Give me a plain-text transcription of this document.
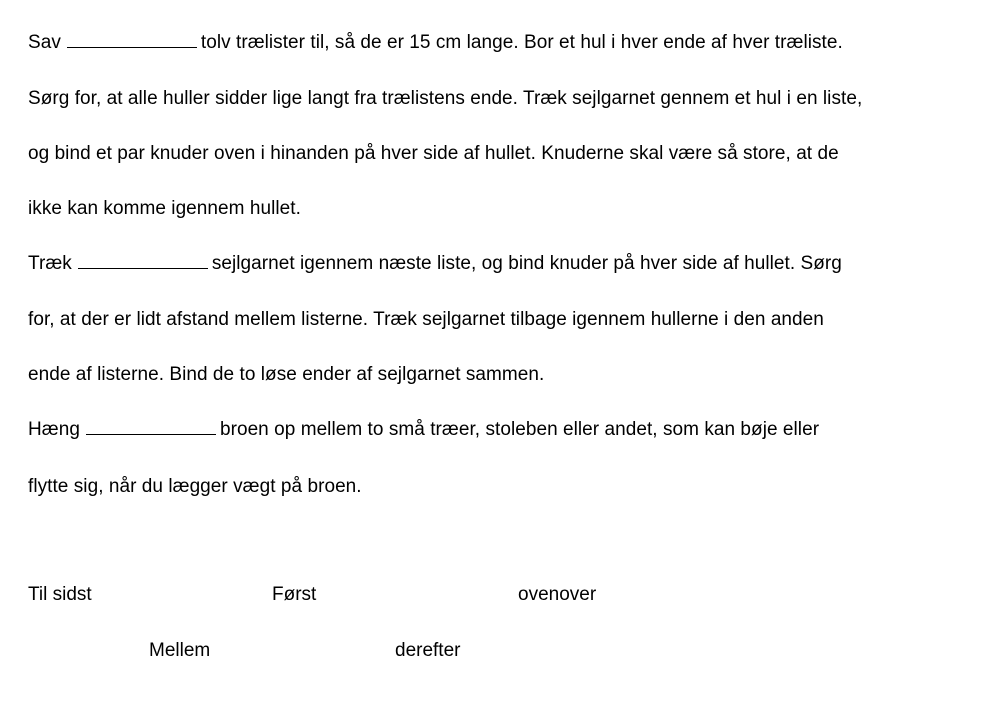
Sav	tolv trælister til, så de er 15 cm lange. Bor et hul i hver ende af hver træliste.
Sørg for, at alle huller sidder lige langt fra trælistens ende. Træk sejlgarnet gennem et hul i en liste,
og bind et par knuder oven i hinanden på hver side af hullet. Knuderne skal være så store, at de
ikke kan komme igennem hullet.
Træk	sejlgarnet igennem næste liste, og bind knuder på hver side af hullet. Sørg
for, at der er lidt afstand mellem listerne. Træk sejlgarnet tilbage igennem hullerne i den anden
ende af listerne. Bind de to løse ender af sejlgarnet sammen.
Hæng	broen op mellem to små træer, stoleben eller andet, som kan bøje eller
flytte sig, når du lægger vægt på broen.
Til sidst	Først	ovenover
Mellem	derefter
